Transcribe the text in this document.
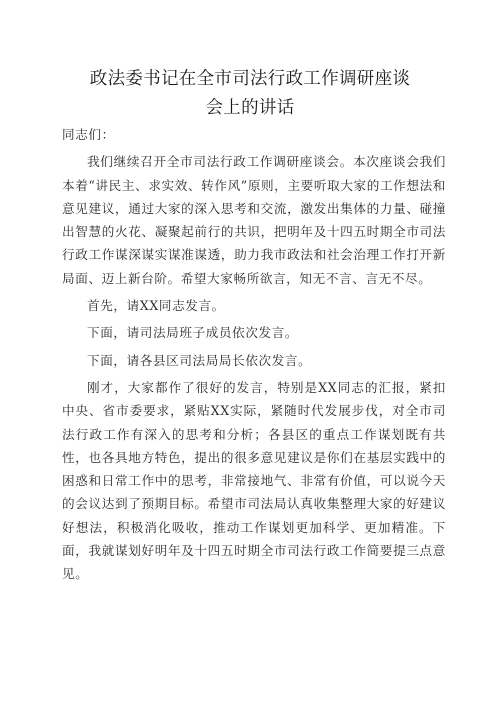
政法委书记在全市司法行政工作调研座谈
会上的讲话

同志们：

我们继续召开全市司法行政工作调研座谈会。本次座谈会我们本着“讲民主、求实效、转作风”原则，主要听取大家的工作想法和意见建议，通过大家的深入思考和交流，激发出集体的力量、碰撞出智慧的火花、凝聚起前行的共识，把明年及十四五时期全市司法行政工作谋深谋实谋准谋透，助力我市政法和社会治理工作打开新局面、迈上新台阶。希望大家畅所欲言，知无不言、言无不尽。

首先，请XX同志发言。

下面，请司法局班子成员依次发言。

下面，请各县区司法局局长依次发言。

刚才，大家都作了很好的发言，特别是XX同志的汇报，紧扣中央、省市委要求，紧贴XX实际，紧随时代发展步伐，对全市司法行政工作有深入的思考和分析；各县区的重点工作谋划既有共性，也各具地方特色，提出的很多意见建议是你们在基层实践中的困惑和日常工作中的思考，非常接地气、非常有价值，可以说今天的会议达到了预期目标。希望市司法局认真收集整理大家的好建议好想法，积极消化吸收，推动工作谋划更加科学、更加精准。下面，我就谋划好明年及十四五时期全市司法行政工作简要提三点意见。
